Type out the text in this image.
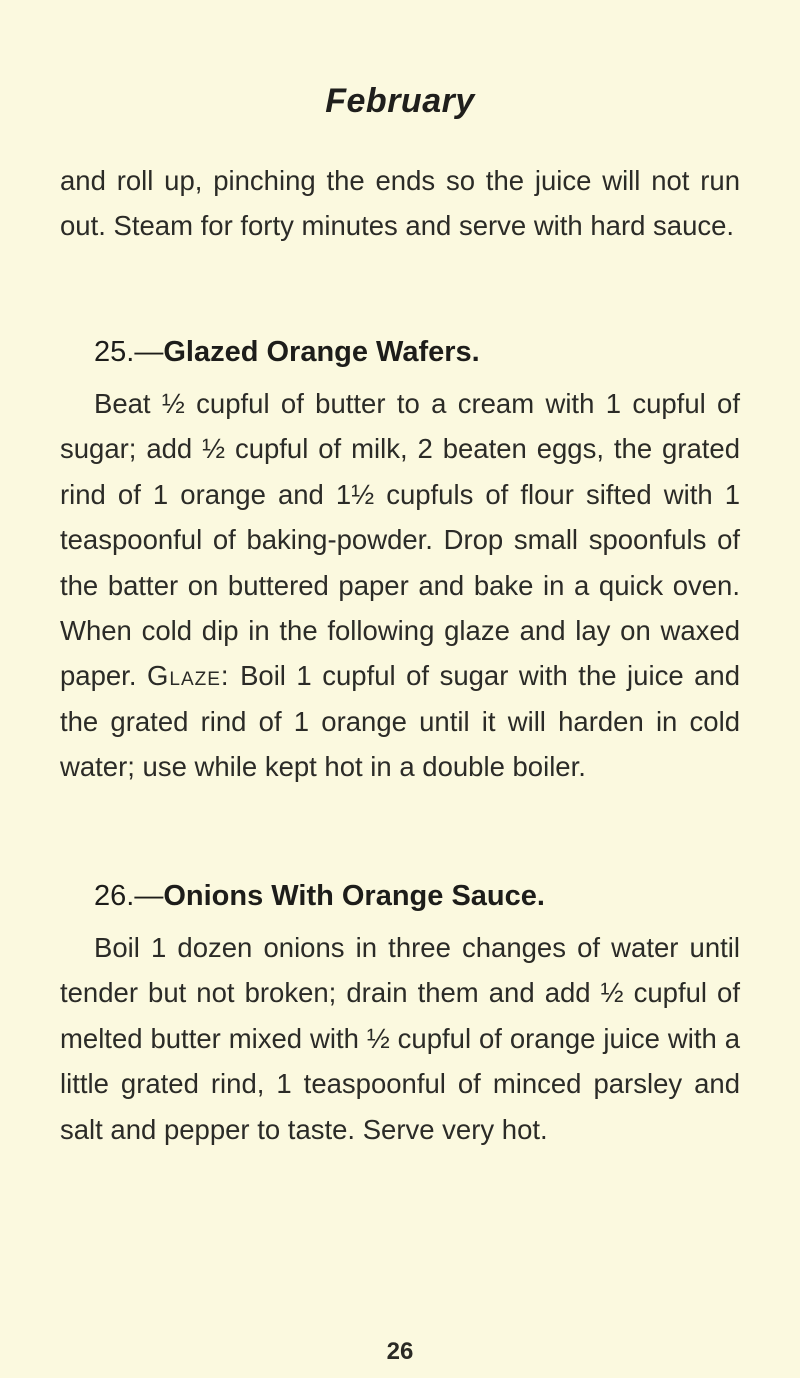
February
and roll up, pinching the ends so the juice will not run out. Steam for forty minutes and serve with hard sauce.
25.—Glazed Orange Wafers.
Beat ½ cupful of butter to a cream with 1 cupful of sugar; add ½ cupful of milk, 2 beaten eggs, the grated rind of 1 orange and 1½ cupfuls of flour sifted with 1 teaspoonful of baking-powder. Drop small spoonfuls of the batter on buttered paper and bake in a quick oven. When cold dip in the following glaze and lay on waxed paper. Glaze: Boil 1 cupful of sugar with the juice and the grated rind of 1 orange until it will harden in cold water; use while kept hot in a double boiler.
26.—Onions With Orange Sauce.
Boil 1 dozen onions in three changes of water until tender but not broken; drain them and add ½ cupful of melted butter mixed with ½ cupful of orange juice with a little grated rind, 1 teaspoonful of minced parsley and salt and pepper to taste. Serve very hot.
26
